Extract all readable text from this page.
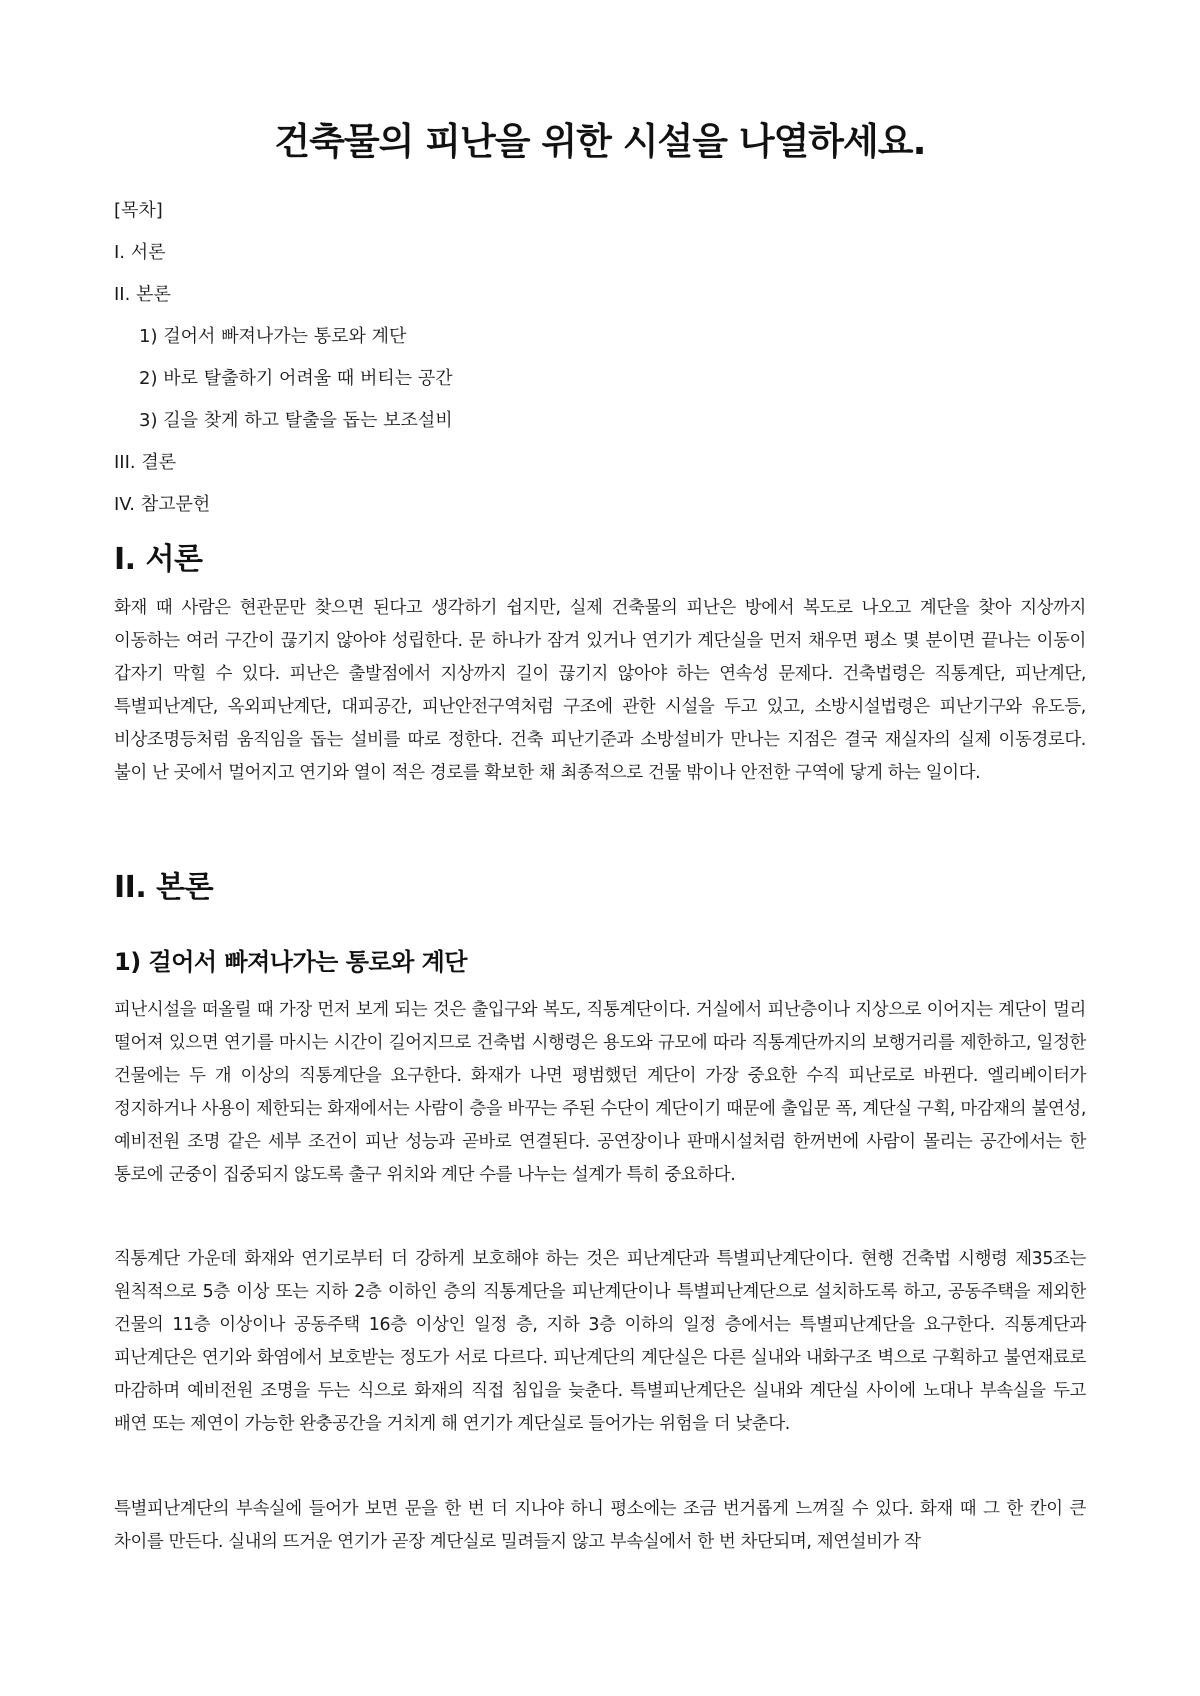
건축물의 피난을 위한 시설을 나열하세요.
[목차]
I. 서론
II. 본론
1) 걸어서 빠져나가는 통로와 계단
2) 바로 탈출하기 어려울 때 버티는 공간
3) 길을 찾게 하고 탈출을 돕는 보조설비
III. 결론
IV. 참고문헌
I. 서론

화재 때 사람은 현관문만 찾으면 된다고 생각하기 쉽지만, 실제 건축물의 피난은 방에서 복도로 나오고 계단을 찾아 지상까지 이동하는 여러 구간이 끊기지 않아야 성립한다. 문 하나가 잠겨 있거나 연기가 계단실을 먼저 채우면 평소 몇 분이면 끝나는 이동이 갑자기 막힐 수 있다. 피난은 출발점에서 지상까지 길이 끊기지 않아야 하는 연속성 문제다. 건축법령은 직통계단, 피난계단, 특별피난계단, 옥외피난계단, 대피공간, 피난안전구역처럼 구조에 관한 시설을 두고 있고, 소방시설법령은 피난기구와 유도등, 비상조명등처럼 움직임을 돕는 설비를 따로 정한다. 건축 피난기준과 소방설비가 만나는 지점은 결국 재실자의 실제 이동경로다. 불이 난 곳에서 멀어지고 연기와 열이 적은 경로를 확보한 채 최종적으로 건물 밖이나 안전한 구역에 닿게 하는 일이다.

II. 본론
1) 걸어서 빠져나가는 통로와 계단

피난시설을 떠올릴 때 가장 먼저 보게 되는 것은 출입구와 복도, 직통계단이다. 거실에서 피난층이나 지상으로 이어지는 계단이 멀리 떨어져 있으면 연기를 마시는 시간이 길어지므로 건축법 시행령은 용도와 규모에 따라 직통계단까지의 보행거리를 제한하고, 일정한 건물에는 두 개 이상의 직통계단을 요구한다. 화재가 나면 평범했던 계단이 가장 중요한 수직 피난로로 바뀐다. 엘리베이터가 정지하거나 사용이 제한되는 화재에서는 사람이 층을 바꾸는 주된 수단이 계단이기 때문에 출입문 폭, 계단실 구획, 마감재의 불연성, 예비전원 조명 같은 세부 조건이 피난 성능과 곧바로 연결된다. 공연장이나 판매시설처럼 한꺼번에 사람이 몰리는 공간에서는 한 통로에 군중이 집중되지 않도록 출구 위치와 계단 수를 나누는 설계가 특히 중요하다.

직통계단 가운데 화재와 연기로부터 더 강하게 보호해야 하는 것은 피난계단과 특별피난계단이다. 현행 건축법 시행령 제35조는 원칙적으로 5층 이상 또는 지하 2층 이하인 층의 직통계단을 피난계단이나 특별피난계단으로 설치하도록 하고, 공동주택을 제외한 건물의 11층 이상이나 공동주택 16층 이상인 일정 층, 지하 3층 이하의 일정 층에서는 특별피난계단을 요구한다. 직통계단과 피난계단은 연기와 화염에서 보호받는 정도가 서로 다르다. 피난계단의 계단실은 다른 실내와 내화구조 벽으로 구획하고 불연재료로 마감하며 예비전원 조명을 두는 식으로 화재의 직접 침입을 늦춘다. 특별피난계단은 실내와 계단실 사이에 노대나 부속실을 두고 배연 또는 제연이 가능한 완충공간을 거치게 해 연기가 계단실로 들어가는 위험을 더 낮춘다.

특별피난계단의 부속실에 들어가 보면 문을 한 번 더 지나야 하니 평소에는 조금 번거롭게 느껴질 수 있다. 화재 때 그 한 칸이 큰 차이를 만든다. 실내의 뜨거운 연기가 곧장 계단실로 밀려들지 않고 부속실에서 한 번 차단되며, 제연설비가 작
